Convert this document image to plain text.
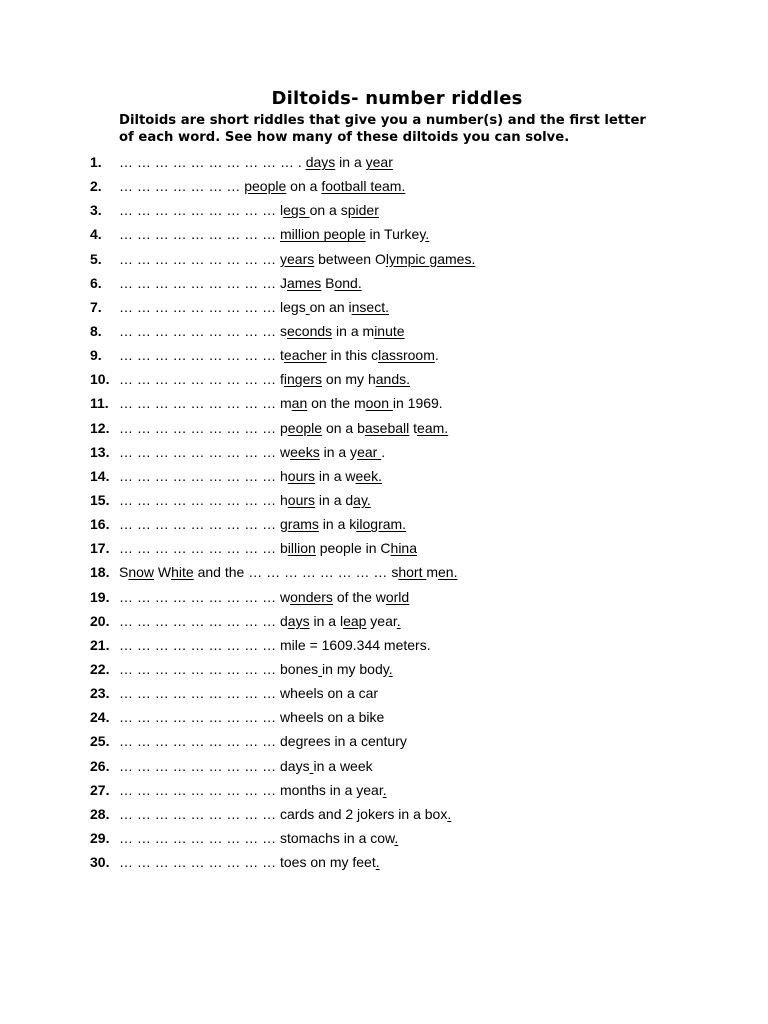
Diltoids- number riddles

Diltoids are short riddles that give you a number(s) and the first letter of each word. See how many of these diltoids you can solve.

1. … … … … … … … … … … . days in a year
2. … … … … … … … people on a football team.
3. … … … … … … … … … legs on a spider
4. … … … … … … … … … million people in Turkey.
5. … … … … … … … … … years between Olympic games.
6. … … … … … … … … … James Bond.
7. … … … … … … … … … legs on an insect.
8. … … … … … … … … … seconds in a minute
9. … … … … … … … … … teacher in this classroom.
10. … … … … … … … … … fingers on my hands.
11. … … … … … … … … … man on the moon in 1969.
12. … … … … … … … … … people on a baseball team.
13. … … … … … … … … … weeks in a year .
14. … … … … … … … … … hours in a week.
15. … … … … … … … … … hours in a day.
16. … … … … … … … … … grams in a kilogram.
17. … … … … … … … … … billion people in China
18. Snow White and the … … … … … … … … short men.
19. … … … … … … … … … wonders of the world
20. … … … … … … … … … days in a leap year.
21. … … … … … … … … … mile = 1609.344 meters.
22. … … … … … … … … … bones in my body.
23. … … … … … … … … … wheels on a car
24. … … … … … … … … … wheels on a bike
25. … … … … … … … … … degrees in a century
26. … … … … … … … … … days in a week
27. … … … … … … … … … months in a year.
28. … … … … … … … … … cards and 2 jokers in a box.
29. … … … … … … … … … stomachs in a cow.
30. … … … … … … … … … toes on my feet.
